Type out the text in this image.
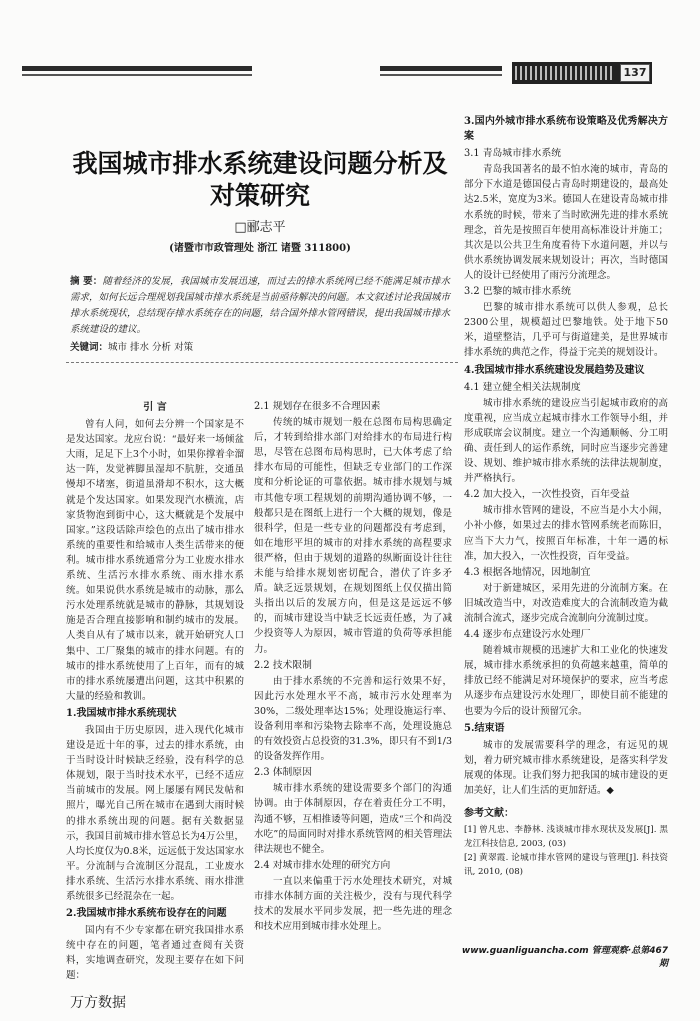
137
我国城市排水系统建设问题分析及
对策研究
□郦志平
(诸暨市市政管理处 浙江 诸暨 311800)
摘 要：随着经济的发展，我国城市发展迅速，而过去的排水系统网已经不能满足城市排水需求，如何长远合理规划我国城市排水系统是当前亟待解决的问题。本文叙述讨论我国城市排水系统现状，总结现存排水系统存在的问题，结合国外排水管网错误，提出我国城市排水系统建设的建议。
关键词：城市 排水 分析 对策
引 言

曾有人问，如何去分辨一个国家是不是发达国家。龙应台说：“最好来一场倾盆大雨，足足下上3个小时，如果你撑着伞溜达一阵，发觉裤脚虽湿却不肮脏，交通虽慢却不堵塞，街道虽滑却不积水，这大概就是个发达国家。如果发现汽水横流，店家货物泡到街中心，这大概就是个发展中国家。”这段话除声绘色的点出了城市排水系统的重要性和给城市人类生活带来的便利。城市排水系统通常分为工业废水排水系统、生活污水排水系统、雨水排水系统。如果说供水系统是城市的动脉，那么污水处理系统就是城市的静脉，其规划设施是否合理直接影响和制约城市的发展。人类自从有了城市以来，就开始研究人口集中、工厂聚集的城市的排水问题。有的城市的排水系统使用了上百年，而有的城市的排水系统屡遭出问题，这其中积累的大量的经验和教训。

1.我国城市排水系统现状

我国由于历史原因，进入现代化城市建设是近十年的事，过去的排水系统，由于当时设计时候缺乏经验，没有科学的总体规划，限于当时技术水平，已经不适应当前城市的发展。网上屡屡有网民发帖和照片，曝光自己所在城市在遇到大雨时候的排水系统出现的问题。据有关数据显示，我国目前城市排水管总长为4万公里，人均长度仅为0.8米，远远低于发达国家水平。分流制与合流制区分混乱，工业废水排水系统、生活污水排水系统、雨水排泄系统很多已经混杂在一起。

2.我国城市排水系统布设存在的问题

国内有不少专家都在研究我国排水系统中存在的问题，笔者通过查阅有关资料，实地调查研究，发现主要存在如下问题：

2.1 规划存在很多不合理因素

传统的城市规划一般在总图布局构思确定后，才转到给排水部门对给排水的布局进行构思，尽管在总图布局构思时，已大体考虑了给排水布局的可能性，但缺乏专业部门的工作深度和分析论证的可靠依据。城市排水规划与城市其他专项工程规划的前期沟通协调不够，一般都只是在图纸上进行一个大概的规划，像是很科学，但是一些专业的问题都没有考虑到，如在地形平坦的城市的对排水系统的高程要求很严格，但由于规划的道路的纵断面设计往往未能与给排水规划密切配合，潜伏了许多矛盾。缺乏远景规划，在规划图纸上仅仅描出简头指出以后的发展方向，但是这是远远不够的，而城市建设当中缺乏长远责任感，为了减少投资等人为原因，城市管道的负荷等承担能力。

2.2 技术限制

由于排水系统的不完善和运行效果不好，因此污水处理水平不高，城市污水处理率为30%，二级处理率达15%；处理设施运行率、设备利用率和污染物去除率不高，处理设施总的有效投资占总投资的31.3%，即只有不到1/3的设备发挥作用。

2.3 体制原因

城市排水系统的建设需要多个部门的沟通协调。由于体制原因，存在着责任分工不明，沟通不够，互相推诿等问题，造成“三个和尚没水吃”的局面同时对排水系统管网的相关管理法律法规也不健全。

2.4 对城市排水处理的研究方向

一直以来偏重于污水处理技术研究，对城市排水体制方面的关注极少，没有与现代科学技术的发展水平同步发展，把一些先进的理念和技术应用到城市排水处理上。

3.国内外城市排水系统布设策略及优秀解决方案
3.1 青岛城市排水系统

青岛我国著名的最不怕水淹的城市，青岛的部分下水道是德国侵占青岛时期建设的，最高处达2.5米，宽度为3米。德国人在建设青岛城市排水系统的时候，带来了当时欧洲先进的排水系统理念，首先是按照百年使用高标准设计并施工；其次是以公共卫生角度看待下水道问题，并以与供水系统协调发展来规划设计；再次，当时德国人的设计已经使用了雨污分流理念。

3.2 巴黎的城市排水系统

巴黎的城市排水系统可以供人参观，总长2300公里，规模超过巴黎地铁。处于地下50米，道壁整洁，几乎可与街道建美，是世界城市排水系统的典范之作，得益于完美的规划设计。

4.我国城市排水系统建设发展趋势及建议
4.1 建立健全相关法规制度

城市排水系统的建设应当引起城市政府的高度重视，应当成立起城市排水工作领导小组，并形成联席会议制度。建立一个沟通顺畅、分工明确、责任到人的运作系统，同时应当逐步完善建设、规划、维护城市排水系统的法律法规制度，并严格执行。

4.2 加大投入，一次性投资，百年受益

城市排水管网的建设，不应当是小大小闹，小补小修，如果过去的排水管网系统老而陈旧，应当下大力气，按照百年标准，十年一遇的标准，加大投入，一次性投资，百年受益。

4.3 根据各地情况，因地制宜

对于新建城区，采用先进的分流制方案。在旧城改造当中，对改造难度大的合流制改造为截流制合流式，逐步完成合流制向分流制过度。

4.4 逐步布点建设污水处理厂

随着城市规模的迅速扩大和工业化的快速发展，城市排水系统承担的负荷越来越重，简单的排放已经不能满足对环境保护的要求，应当考虑从逐步布点建设污水处理厂，即使目前不能建的也要为今后的设计预留冗余。

5.结束语

城市的发展需要科学的理念，有远见的规划，着力研究城市排水系统建设，是落实科学发展观的体现。让我们努力把我国的城市建设的更加美好，让人们生活的更加舒适。◆

参考文献：

[1] 曾凡忠、李静林. 浅谈城市排水现状及发展[J]. 黑龙江科技信息, 2003, (03)

[2] 黄翠霞. 论城市排水管网的建设与管理[J]. 科技资讯, 2010, (08)

www.guanliguancha.com 管理观察·总第467期
万方数据
